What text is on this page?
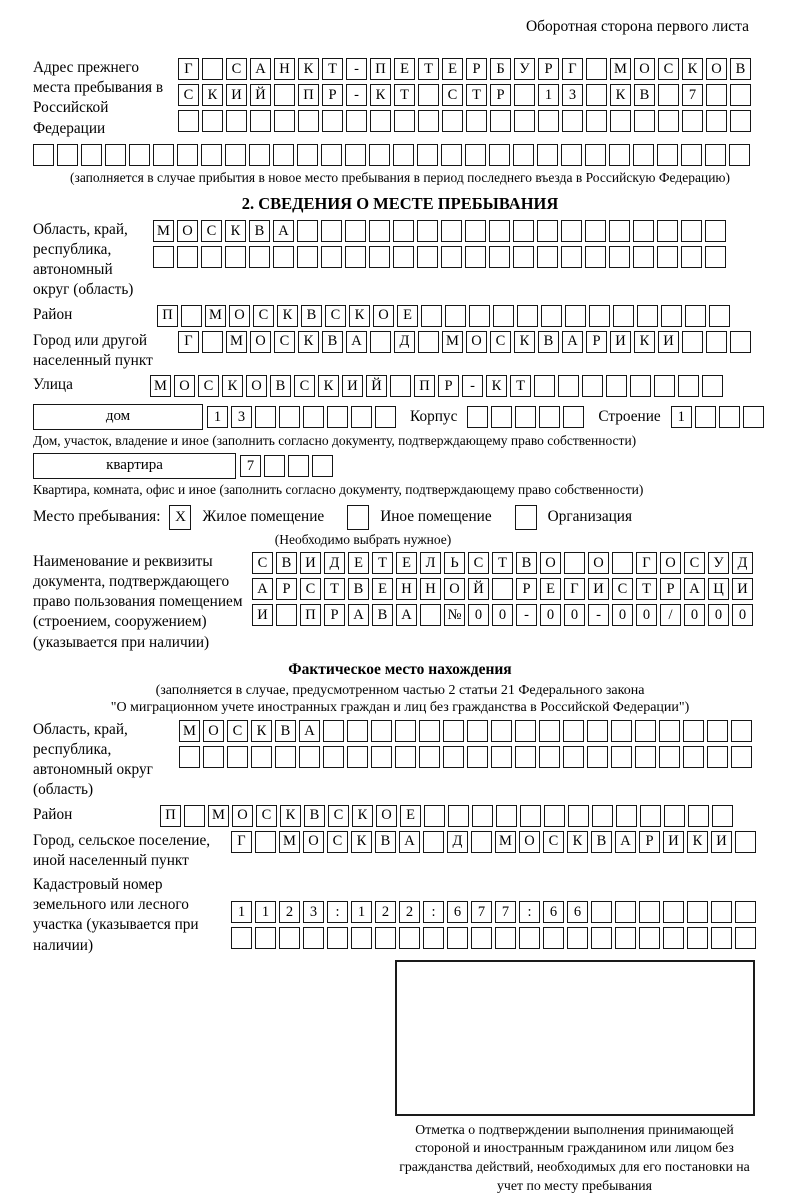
Оборотная сторона первого листа
Адрес прежнего места пребывания в Российской Федерации
Г	С А Н К	Т	-	П Е	Т	Е	Р	Б	У	Р	Г	М О С К О В
С К И Й	П	Р	-	К	Т	С	Т	Р	1	3	К В	7
(заполняется в случае прибытия в новое место пребывания в период последнего въезда в Российскую Федерацию)
2. СВЕДЕНИЯ О МЕСТЕ ПРЕБЫВАНИЯ
Область, край, республика, автономный округ (область)
М О С К В А
Район	П	М О С К В С К О Е
Город или другой населенный пункт
Г	М О С К В А	Д	М О С К В А	Р	И К И
Улица	М О С К О В С К И Й	П	Р	-	К	Т
дом	1	3	Корпус	Строение	1
Дом, участок, владение и иное (заполнить согласно документу, подтверждающему право собственности)
квартира	7
Квартира, комната, офис и иное (заполнить согласно документу, подтверждающему право собственности)
Место пребывания: X	Жилое помещение	Иное помещение	Организация
(Необходимо выбрать нужное)
Наименование и реквизиты документа, подтверждающего право пользования помещением (строением, сооружением) (указывается при наличии)
С В И Д	Е	Т	Е	Л	Ь	С	Т	В О	О	Г	О С У Д
А	Р	С	Т	В	Е Н Н О Й	Р	Е	Г	И С	Т	Р	А Ц И
И	П	Р	А В А	№ 0	0	-	0	0	-	0	0	/	0	0	0
Фактическое место нахождения
(заполняется в случае, предусмотренном частью 2 статьи 21 Федерального закона
"О миграционном учете иностранных граждан и лиц без гражданства в Российской Федерации")
Область, край, республика, автономный округ (область)
М О С К В А
Район	П	М О С К В С К О Е
Город, сельское поселение, иной населенный пункт
Г	М О С К В А	Д	М О С К В А	Р	И К И
Кадастровый номер земельного или лесного участка (указывается при наличии)
1	1	2	3	:	1	2	2	:	6	7	7	:	6	6
Отметка о подтверждении выполнения принимающей стороной и иностранным гражданином или лицом без гражданства действий, необходимых для его постановки на учет по месту пребывания
